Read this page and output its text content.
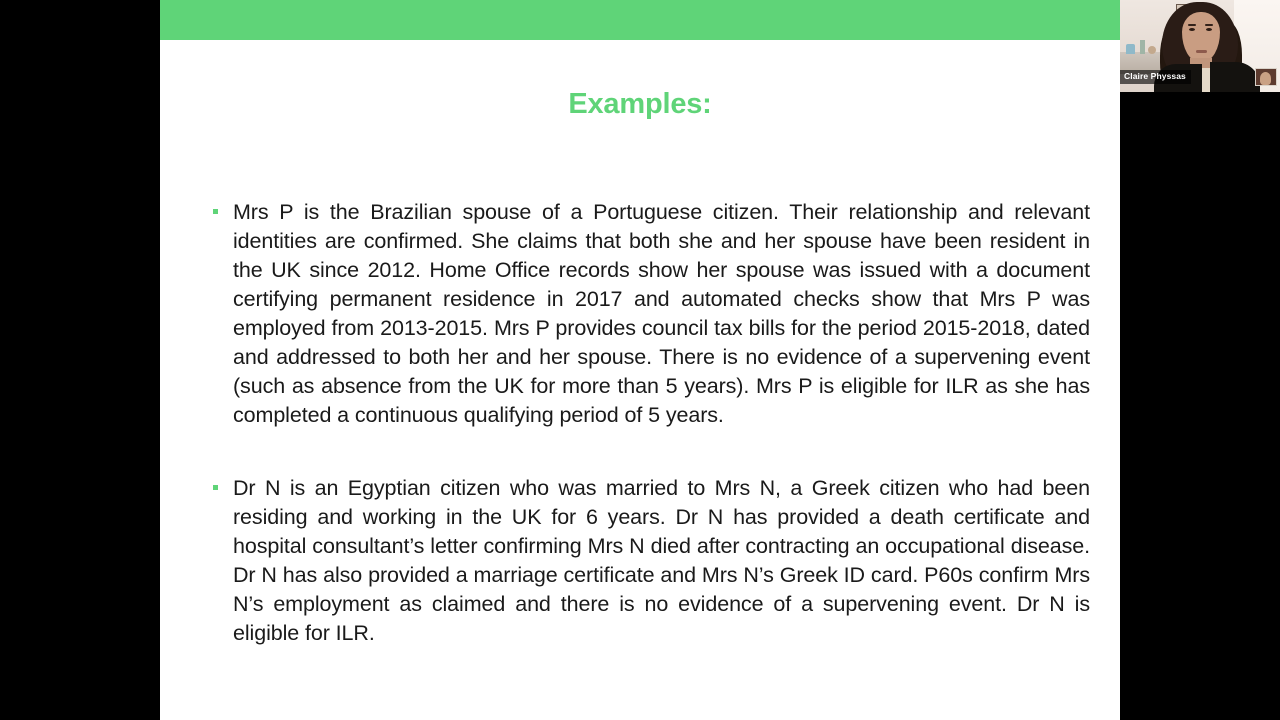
Examples:
Mrs P is the Brazilian spouse of a Portuguese citizen. Their relationship and relevant identities are confirmed. She claims that both she and her spouse have been resident in the UK since 2012. Home Office records show her spouse was issued with a document certifying permanent residence in 2017 and automated checks show that Mrs P was employed from 2013-2015. Mrs P provides council tax bills for the period 2015-2018, dated and addressed to both her and her spouse. There is no evidence of a supervening event (such as absence from the UK for more than 5 years). Mrs P is eligible for ILR as she has completed a continuous qualifying period of 5 years.
Dr N is an Egyptian citizen who was married to Mrs N, a Greek citizen who had been residing and working in the UK for 6 years. Dr N has provided a death certificate and hospital consultant’s letter confirming Mrs N died after contracting an occupational disease. Dr N has also provided a marriage certificate and Mrs N’s Greek ID card. P60s confirm Mrs N’s employment as claimed and there is no evidence of a supervening event. Dr N is eligible for ILR.
Claire Physsas
